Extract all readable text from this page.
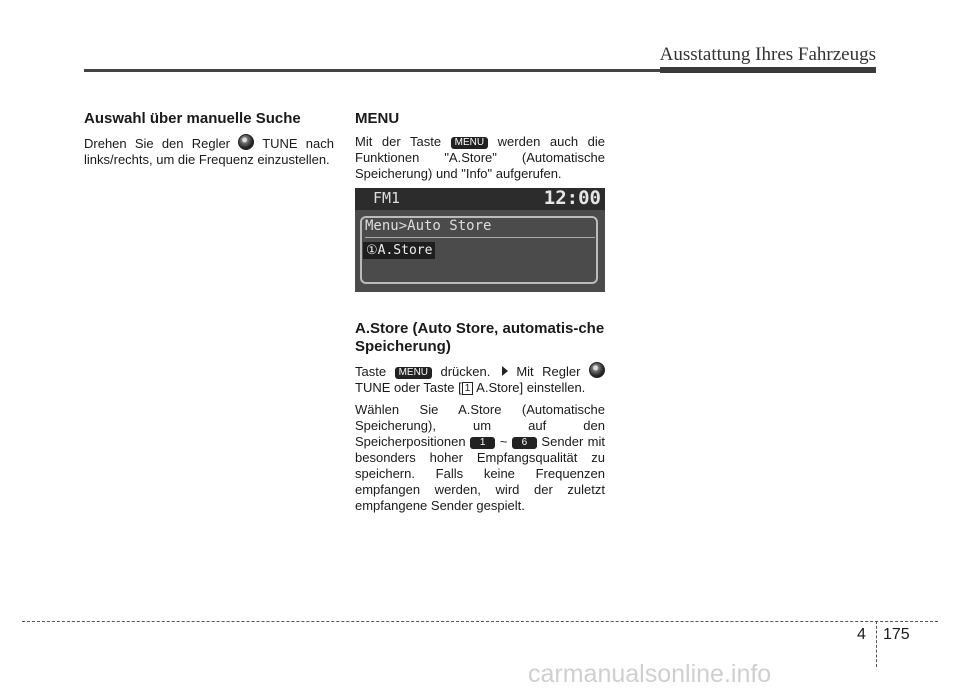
Ausstattung Ihres Fahrzeugs
Auswahl über manuelle Suche

Drehen Sie den Regler TUNE nach links/rechts, um die Frequenz einzustellen.

MENU

Mit der Taste MENU werden auch die Funktionen "A.Store" (Automatische Speicherung) und "Info" aufgerufen.

FM1	12:00
Menu>Auto Store
①A.Store
A.Store (Auto Store, automatis-che Speicherung)

Taste MENU drücken. Mit Regler  TUNE oder Taste [ 1 A.Store] einstellen.

Wählen Sie A.Store (Automatische Speicherung), um auf den Speicherpositionen 1 ~ 6 Sender mit besonders hoher Empfangsqualität zu speichern. Falls keine Frequenzen empfangen werden, wird der zuletzt empfangene Sender gespielt.

4 175
carmanualsonline.info
